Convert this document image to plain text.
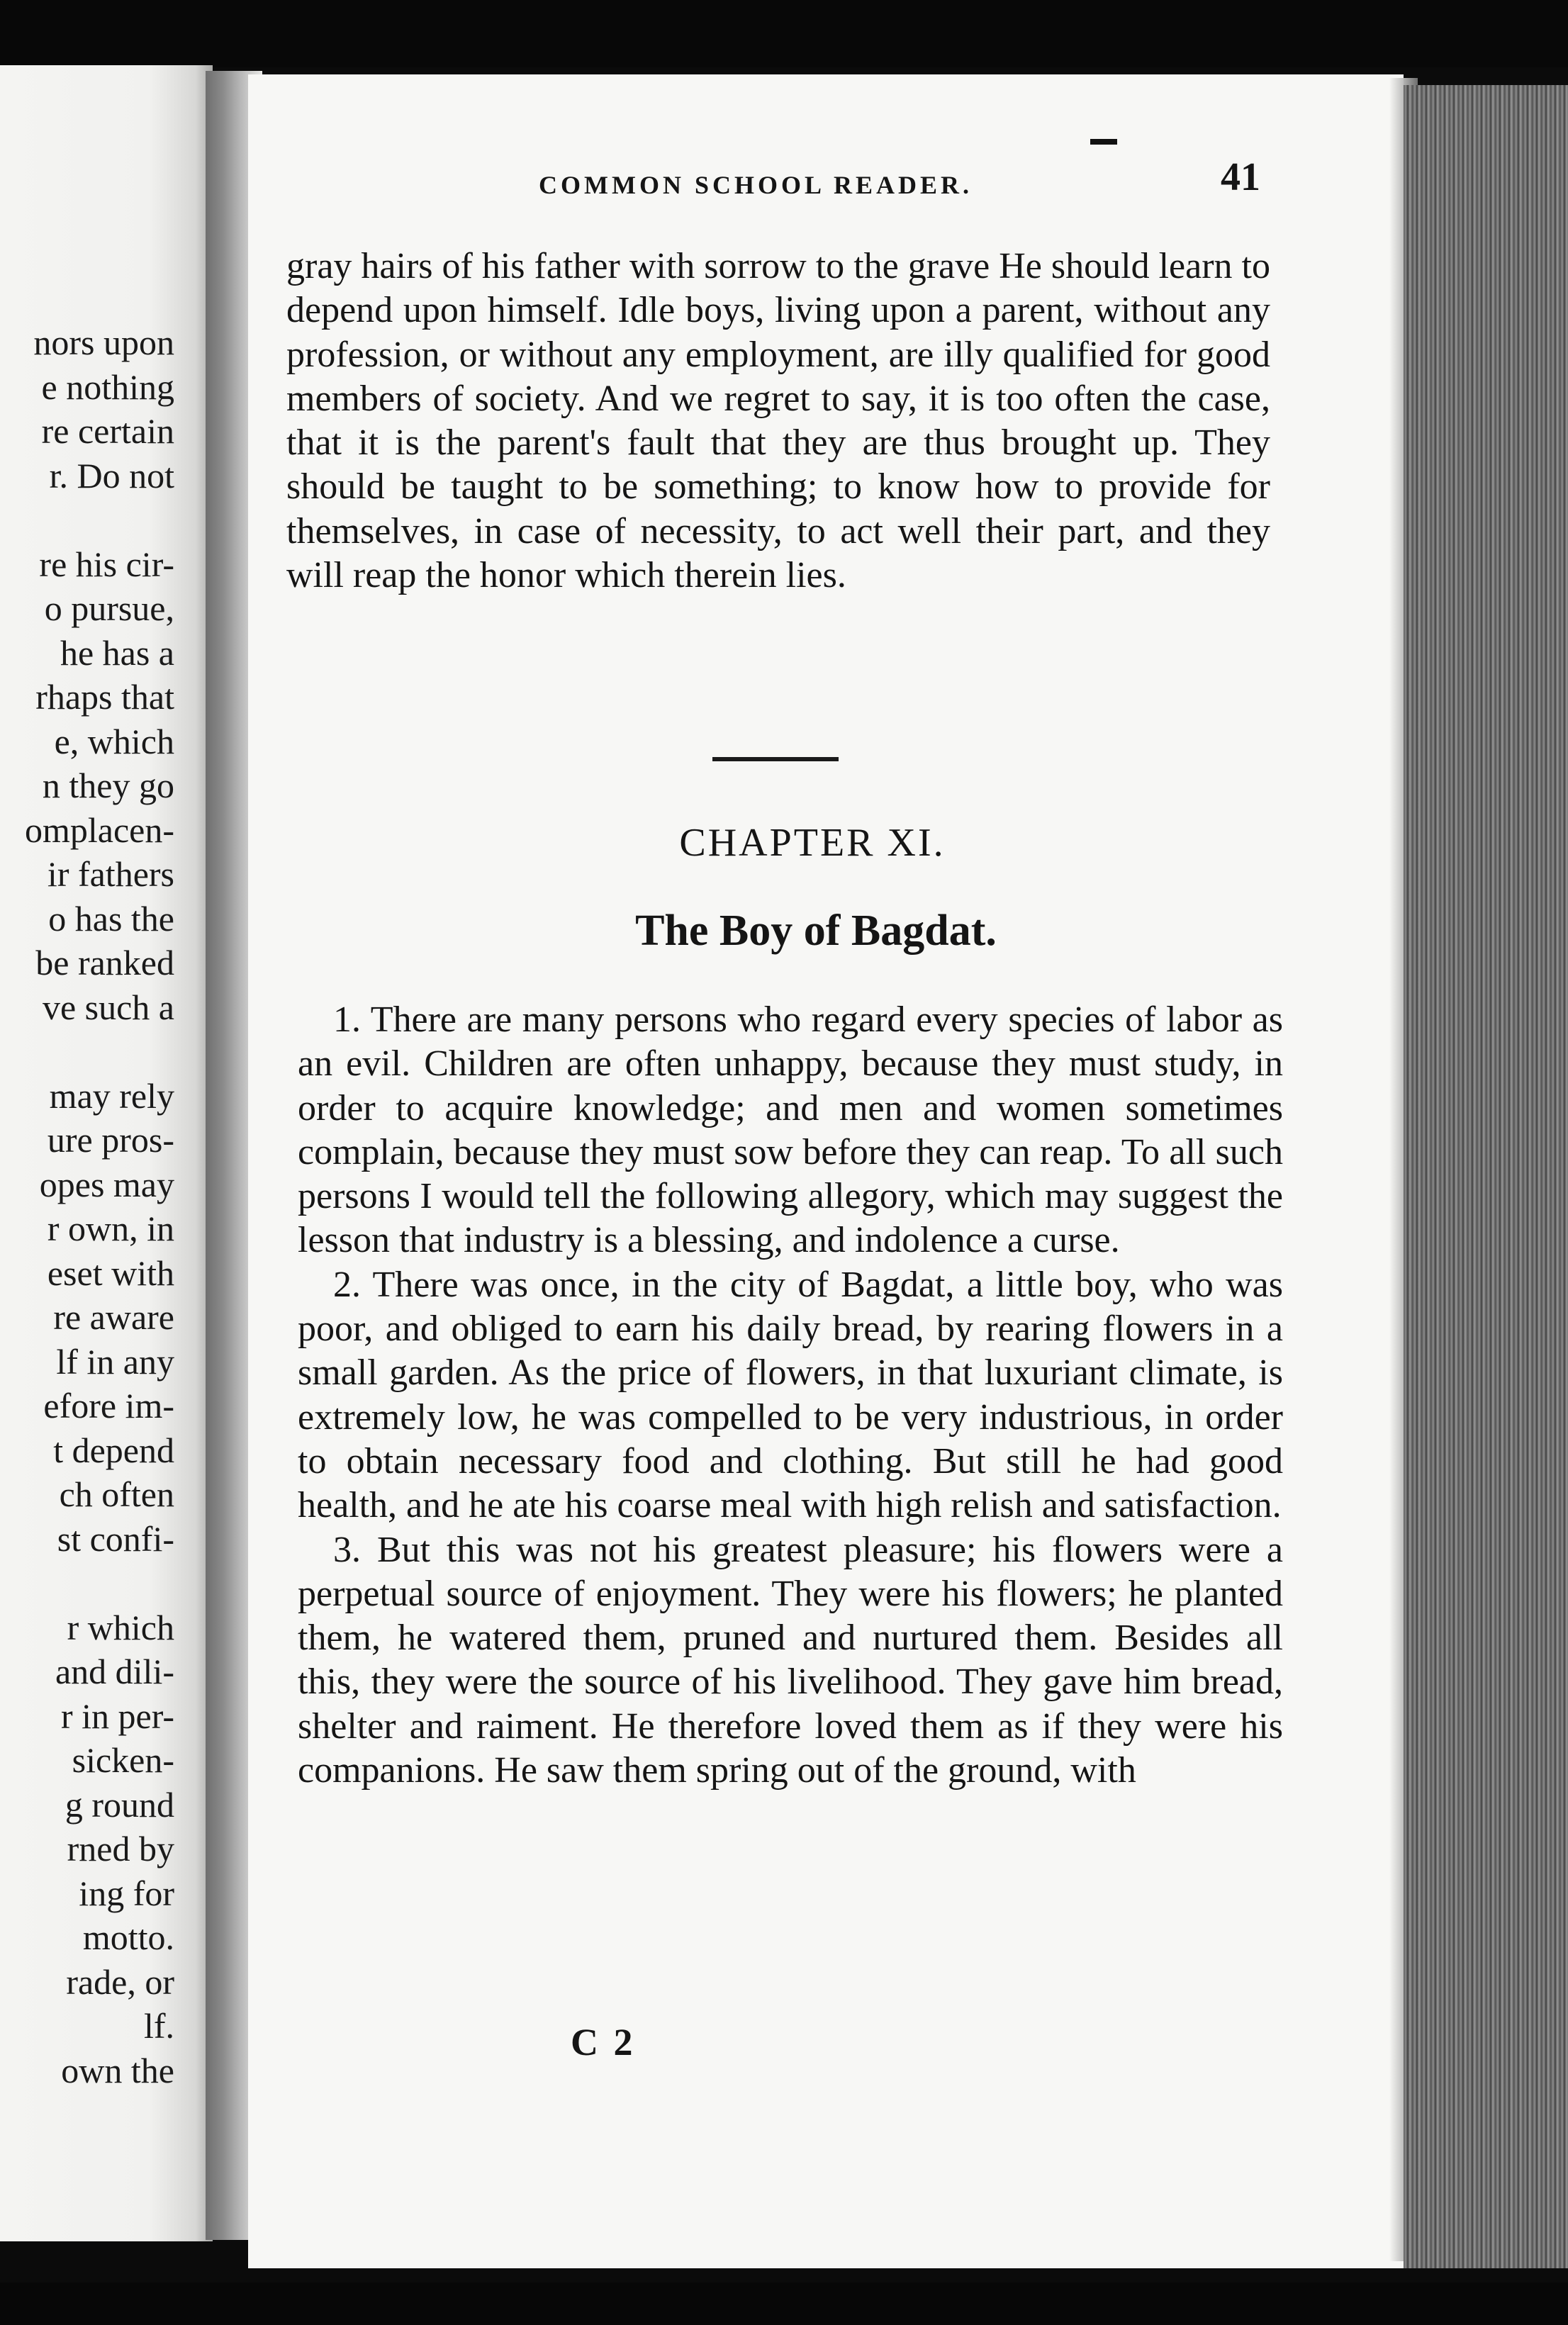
nors upon
e nothing
re certain
r. Do not
re his cir-
o pursue,
he has a
rhaps that
e, which
n they go
omplacen-
ir fathers
o has the
be ranked
ve such a
may rely
ure pros-
opes may
r own, in
eset with
re aware
lf in any
efore im-
t depend
ch often
st confi-
r which
and dili-
r in per-
sicken-
g round
rned by
ing for
motto.
rade, or
lf.
own the
COMMON SCHOOL READER.	41

gray hairs of his father with sorrow to the grave He should learn to depend upon himself. Idle boys, living upon a parent, without any profession, or without any employment, are illy qualified for good members of society. And we regret to say, it is too often the case, that it is the parent's fault that they are thus brought up. They should be taught to be something; to know how to provide for themselves, in case of necessity, to act well their part, and they will reap the honor which therein lies.

CHAPTER XI.
The Boy of Bagdat.

1. There are many persons who regard every species of labor as an evil. Children are often unhappy, because they must study, in order to acquire knowledge; and men and women sometimes complain, because they must sow before they can reap. To all such persons I would tell the following allegory, which may suggest the lesson that industry is a blessing, and indolence a curse.

2. There was once, in the city of Bagdat, a little boy, who was poor, and obliged to earn his daily bread, by rearing flowers in a small garden. As the price of flowers, in that luxuriant climate, is extremely low, he was compelled to be very industrious, in order to obtain necessary food and clothing. But still he had good health, and he ate his coarse meal with high relish and satisfaction.

3. But this was not his greatest pleasure; his flowers were a perpetual source of enjoyment. They were his flowers; he planted them, he watered them, pruned and nurtured them. Besides all this, they were the source of his livelihood. They gave him bread, shelter and raiment. He therefore loved them as if they were his companions. He saw them spring out of the ground, with

C 2
